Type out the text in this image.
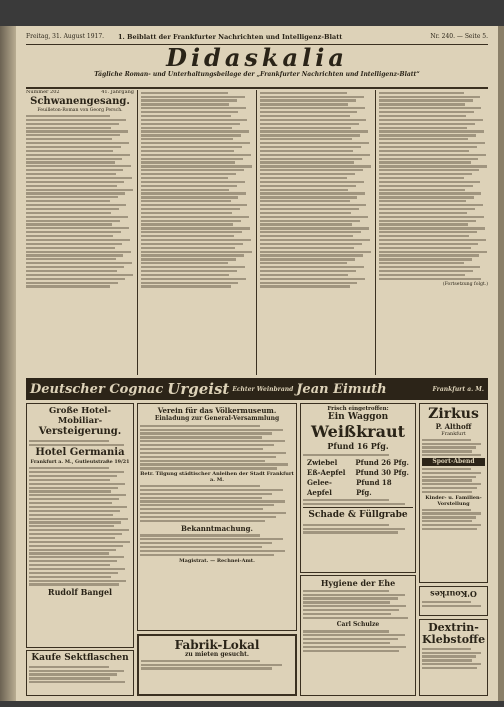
Freitag, 31. August 1917. 1. Beiblatt der Frankfurter Nachrichten und Intelligenz-Blatt	Nr. 240. — Seite 5.
Didaskalia
Tägliche Roman- und Unterhaltungsbeilage der „Frankfurter Nachrichten und Intelligenz-Blatt“
Nummer 202	41. Jahrgang
Schwanengesang.
Feuilleton-Roman von Georg Persch.
(Fortsetzung folgt.)
Deutscher Cognac Urgeist Echter Weinbrand Jean Eimuth	Frankfurt a. M.
Große Hotel-Mobiliar-
Versteigerung.
Hotel Germania
Frankfurt a. M., Gutleutstraße 19/21
Rudolf Bangel
Kaufe Sektflaschen
Verein für das Völkermuseum.
Einladung zur General-Versammlung
Betr. Tilgung städtischer Anleihen der Stadt Frankfurt a. M.
Bekanntmachung.
Magistrat. — Rechnei-Amt.
Fabrik-Lokal
zu mieten gesucht.
Frisch eingetroffen:
Ein Waggon
Weißkraut
Pfund 16 Pfg.
Zwiebel	Pfund 26 Pfg.
Eß-Aepfel Pfund 30 Pfg.
Gelee-Aepfel
Pfund 18 Pfg.
Schade & Füllgrabe
Hygiene der Ehe
Carl Schulze
Zirkus
P. Althoff
Frankfurt
Sport-Abend
Kinder- u. Familien-Vorstellung
O'Kourkes
Dextrin-
Klebstoffe
